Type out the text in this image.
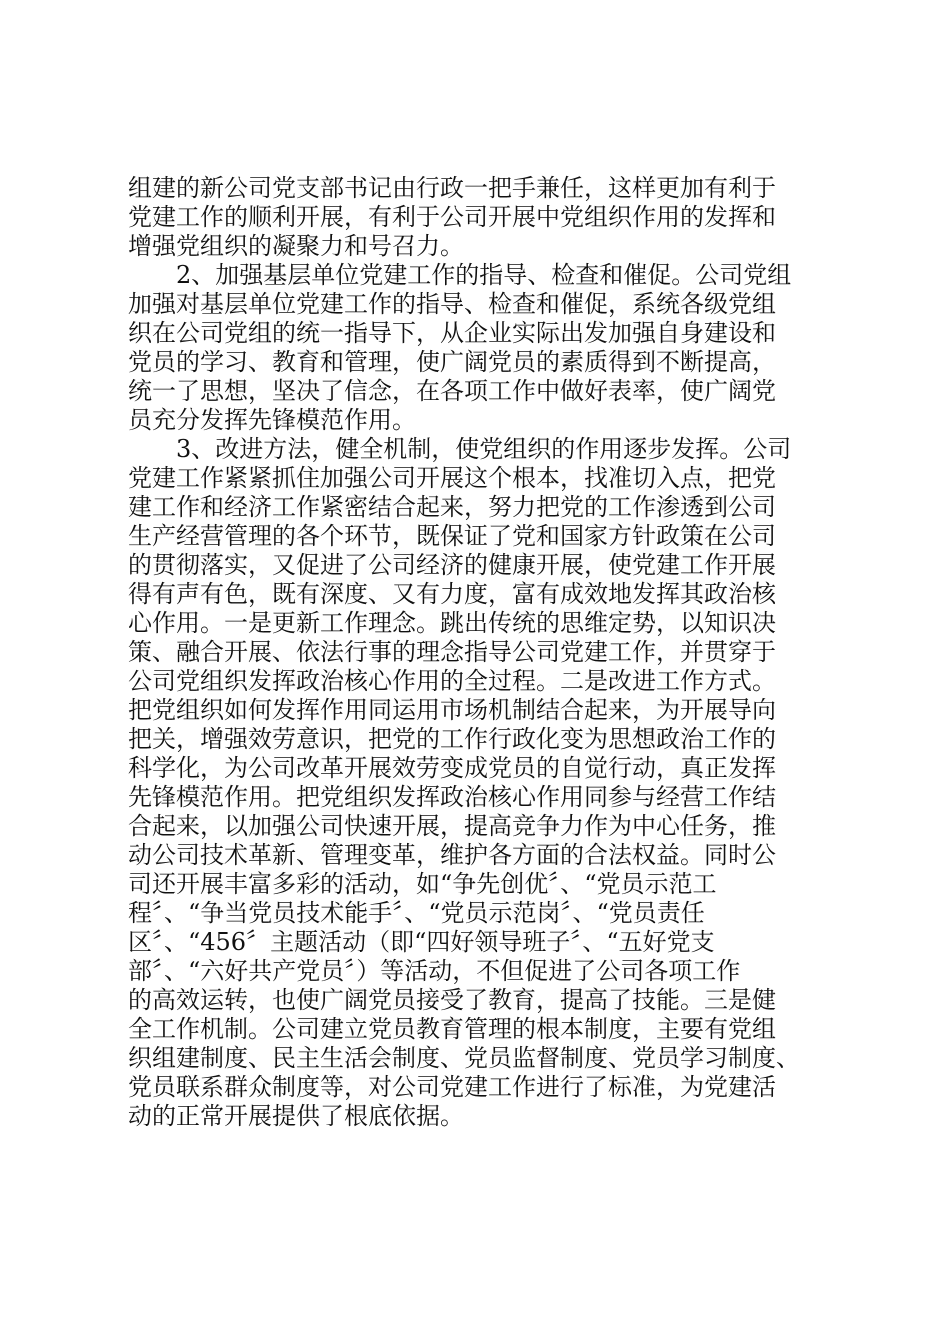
组建的新公司党支部书记由行政一把手兼任，这样更加有利于
党建工作的顺利开展，有利于公司开展中党组织作用的发挥和
增强党组织的凝聚力和号召力。
2、加强基层单位党建工作的指导、检查和催促。公司党组
加强对基层单位党建工作的指导、检查和催促，系统各级党组
织在公司党组的统一指导下，从企业实际出发加强自身建设和
党员的学习、教育和管理，使广阔党员的素质得到不断提高，
统一了思想，坚决了信念，在各项工作中做好表率，使广阔党
员充分发挥先锋模范作用。
3、改进方法，健全机制，使党组织的作用逐步发挥。公司
党建工作紧紧抓住加强公司开展这个根本，找准切入点，把党
建工作和经济工作紧密结合起来，努力把党的工作渗透到公司
生产经营管理的各个环节，既保证了党和国家方针政策在公司
的贯彻落实，又促进了公司经济的健康开展，使党建工作开展
得有声有色，既有深度、又有力度，富有成效地发挥其政治核
心作用。一是更新工作理念。跳出传统的思维定势，以知识决
策、融合开展、依法行事的理念指导公司党建工作，并贯穿于
公司党组织发挥政治核心作用的全过程。二是改进工作方式。
把党组织如何发挥作用同运用市场机制结合起来，为开展导向
把关，增强效劳意识，把党的工作行政化变为思想政治工作的
科学化，为公司改革开展效劳变成党员的自觉行动，真正发挥
先锋模范作用。把党组织发挥政治核心作用同参与经营工作结
合起来，以加强公司快速开展，提高竞争力作为中心任务，推
动公司技术革新、管理变革，维护各方面的合法权益。同时公
司还开展丰富多彩的活动，如“争先创优〞、“党员示范工
程〞、“争当党员技术能手〞、“党员示范岗〞、“党员责任
区〞、“456〞主题活动（即“四好领导班子〞、“五好党支
部〞、“六好共产党员〞）等活动，不但促进了公司各项工作
的高效运转，也使广阔党员接受了教育，提高了技能。三是健
全工作机制。公司建立党员教育管理的根本制度，主要有党组
织组建制度、民主生活会制度、党员监督制度、党员学习制度、
党员联系群众制度等，对公司党建工作进行了标准，为党建活
动的正常开展提供了根底依据。
